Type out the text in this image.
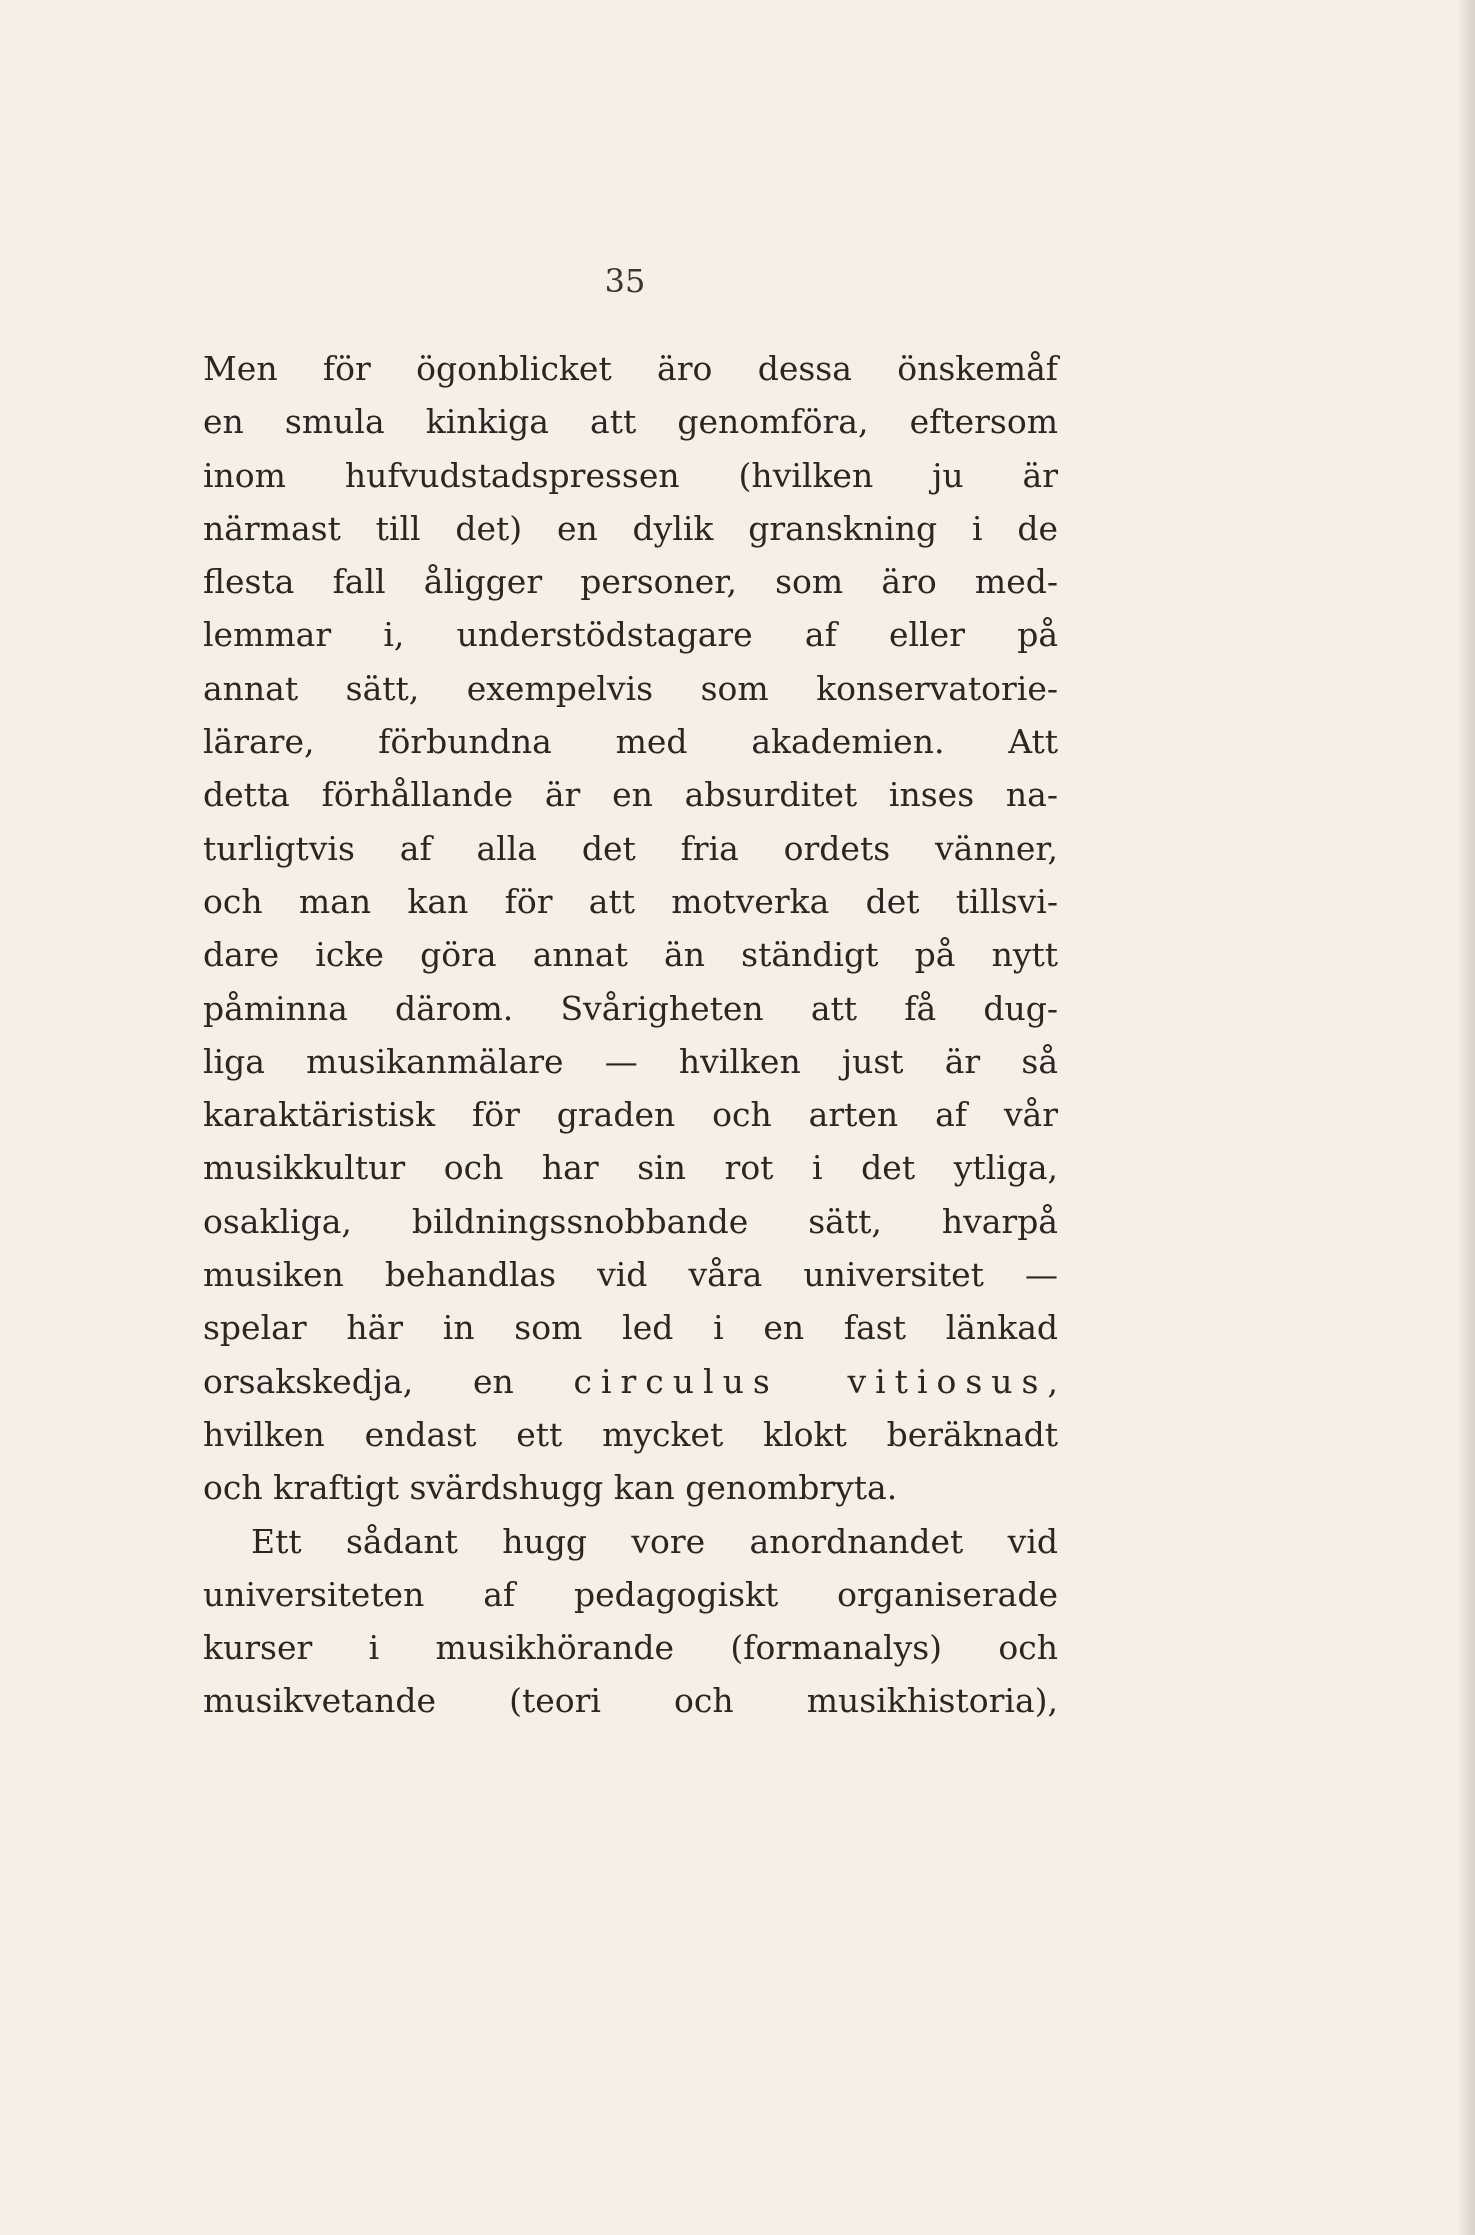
35
Men för ögonblicket äro dessa önskemåf
en smula kinkiga att genomföra, eftersom
inom hufvudstadspressen (hvilken ju är
närmast till det) en dylik granskning i de
flesta fall åligger personer, som äro med-
lemmar i, understödstagare af eller på
annat sätt, exempelvis som konservatorie-
lärare, förbundna med akademien. Att
detta förhållande är en absurditet inses na-
turligtvis af alla det fria ordets vänner,
och man kan för att motverka det tillsvi-
dare icke göra annat än ständigt på nytt
påminna därom. Svårigheten att få dug-
liga musikanmälare — hvilken just är så
karaktäristisk för graden och arten af vår
musikkultur och har sin rot i det ytliga,
osakliga, bildningssnobbande sätt, hvarpå
musiken behandlas vid våra universitet —
spelar här in som led i en fast länkad
orsakskedja, en circulus vitiosus,
hvilken endast ett mycket klokt beräknadt
och kraftigt svärdshugg kan genombryta.
Ett sådant hugg vore anordnandet vid
universiteten af pedagogiskt organiserade
kurser i musikhörande (formanalys) och
musikvetande (teori och musikhistoria),
